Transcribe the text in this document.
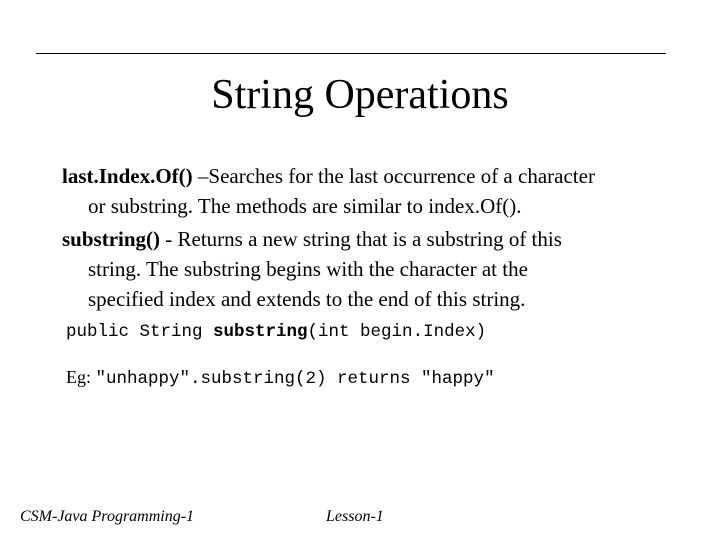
String Operations
last.Index.Of() –Searches for the last occurrence of a character
or substring. The methods are similar to index.Of().
substring() - Returns a new string that is a substring of this
string. The substring begins with the character at the
specified index and extends to the end of this string.
public String substring(int begin.Index)
Eg: "unhappy".substring(2) returns "happy"
CSM-Java Programming-1	Lesson-1
